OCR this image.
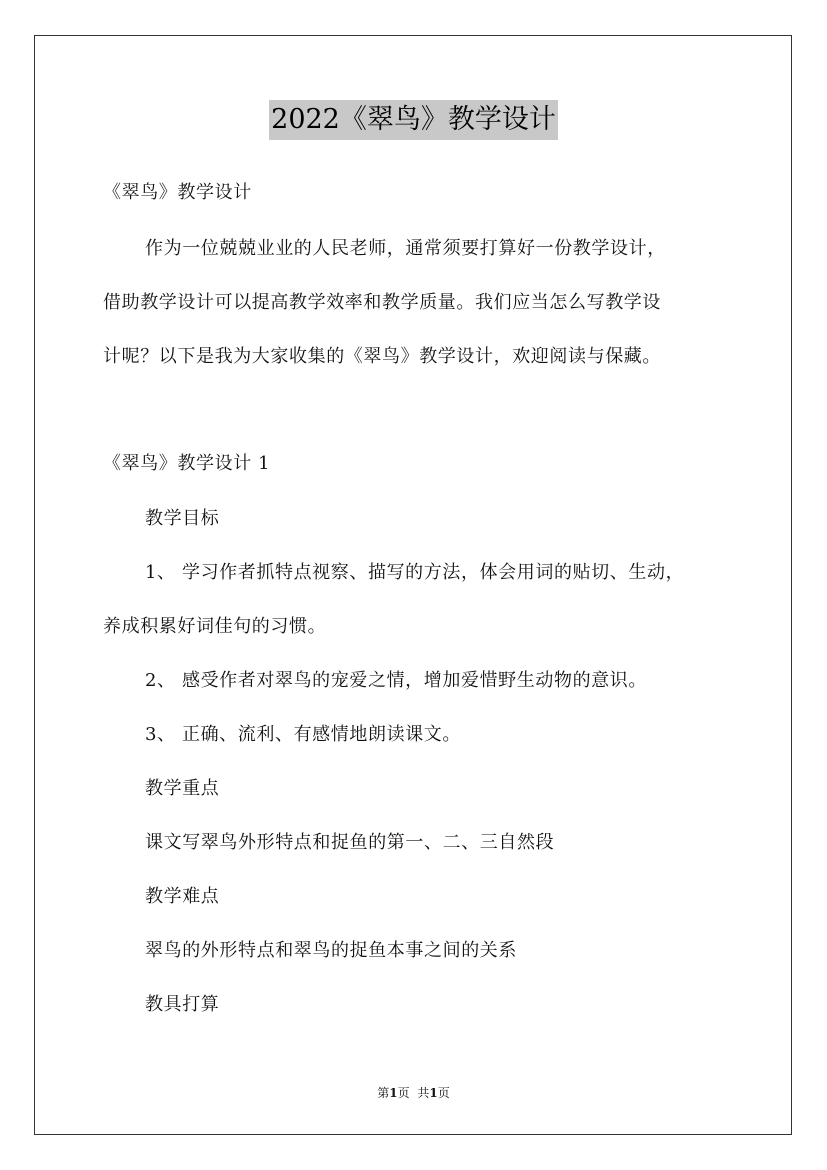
2022《翠鸟》教学设计
《翠鸟》教学设计
作为一位兢兢业业的人民老师，通常须要打算好一份教学设计，
借助教学设计可以提高教学效率和教学质量。我们应当怎么写教学设
计呢？以下是我为大家收集的《翠鸟》教学设计，欢迎阅读与保藏。
《翠鸟》教学设计 1
教学目标
1、 学习作者抓特点视察、描写的方法，体会用词的贴切、生动，
养成积累好词佳句的习惯。
2、 感受作者对翠鸟的宠爱之情，增加爱惜野生动物的意识。
3、 正确、流利、有感情地朗读课文。
教学重点
课文写翠鸟外形特点和捉鱼的第一、二、三自然段
教学难点
翠鸟的外形特点和翠鸟的捉鱼本事之间的关系
教具打算
第1页 共1页
